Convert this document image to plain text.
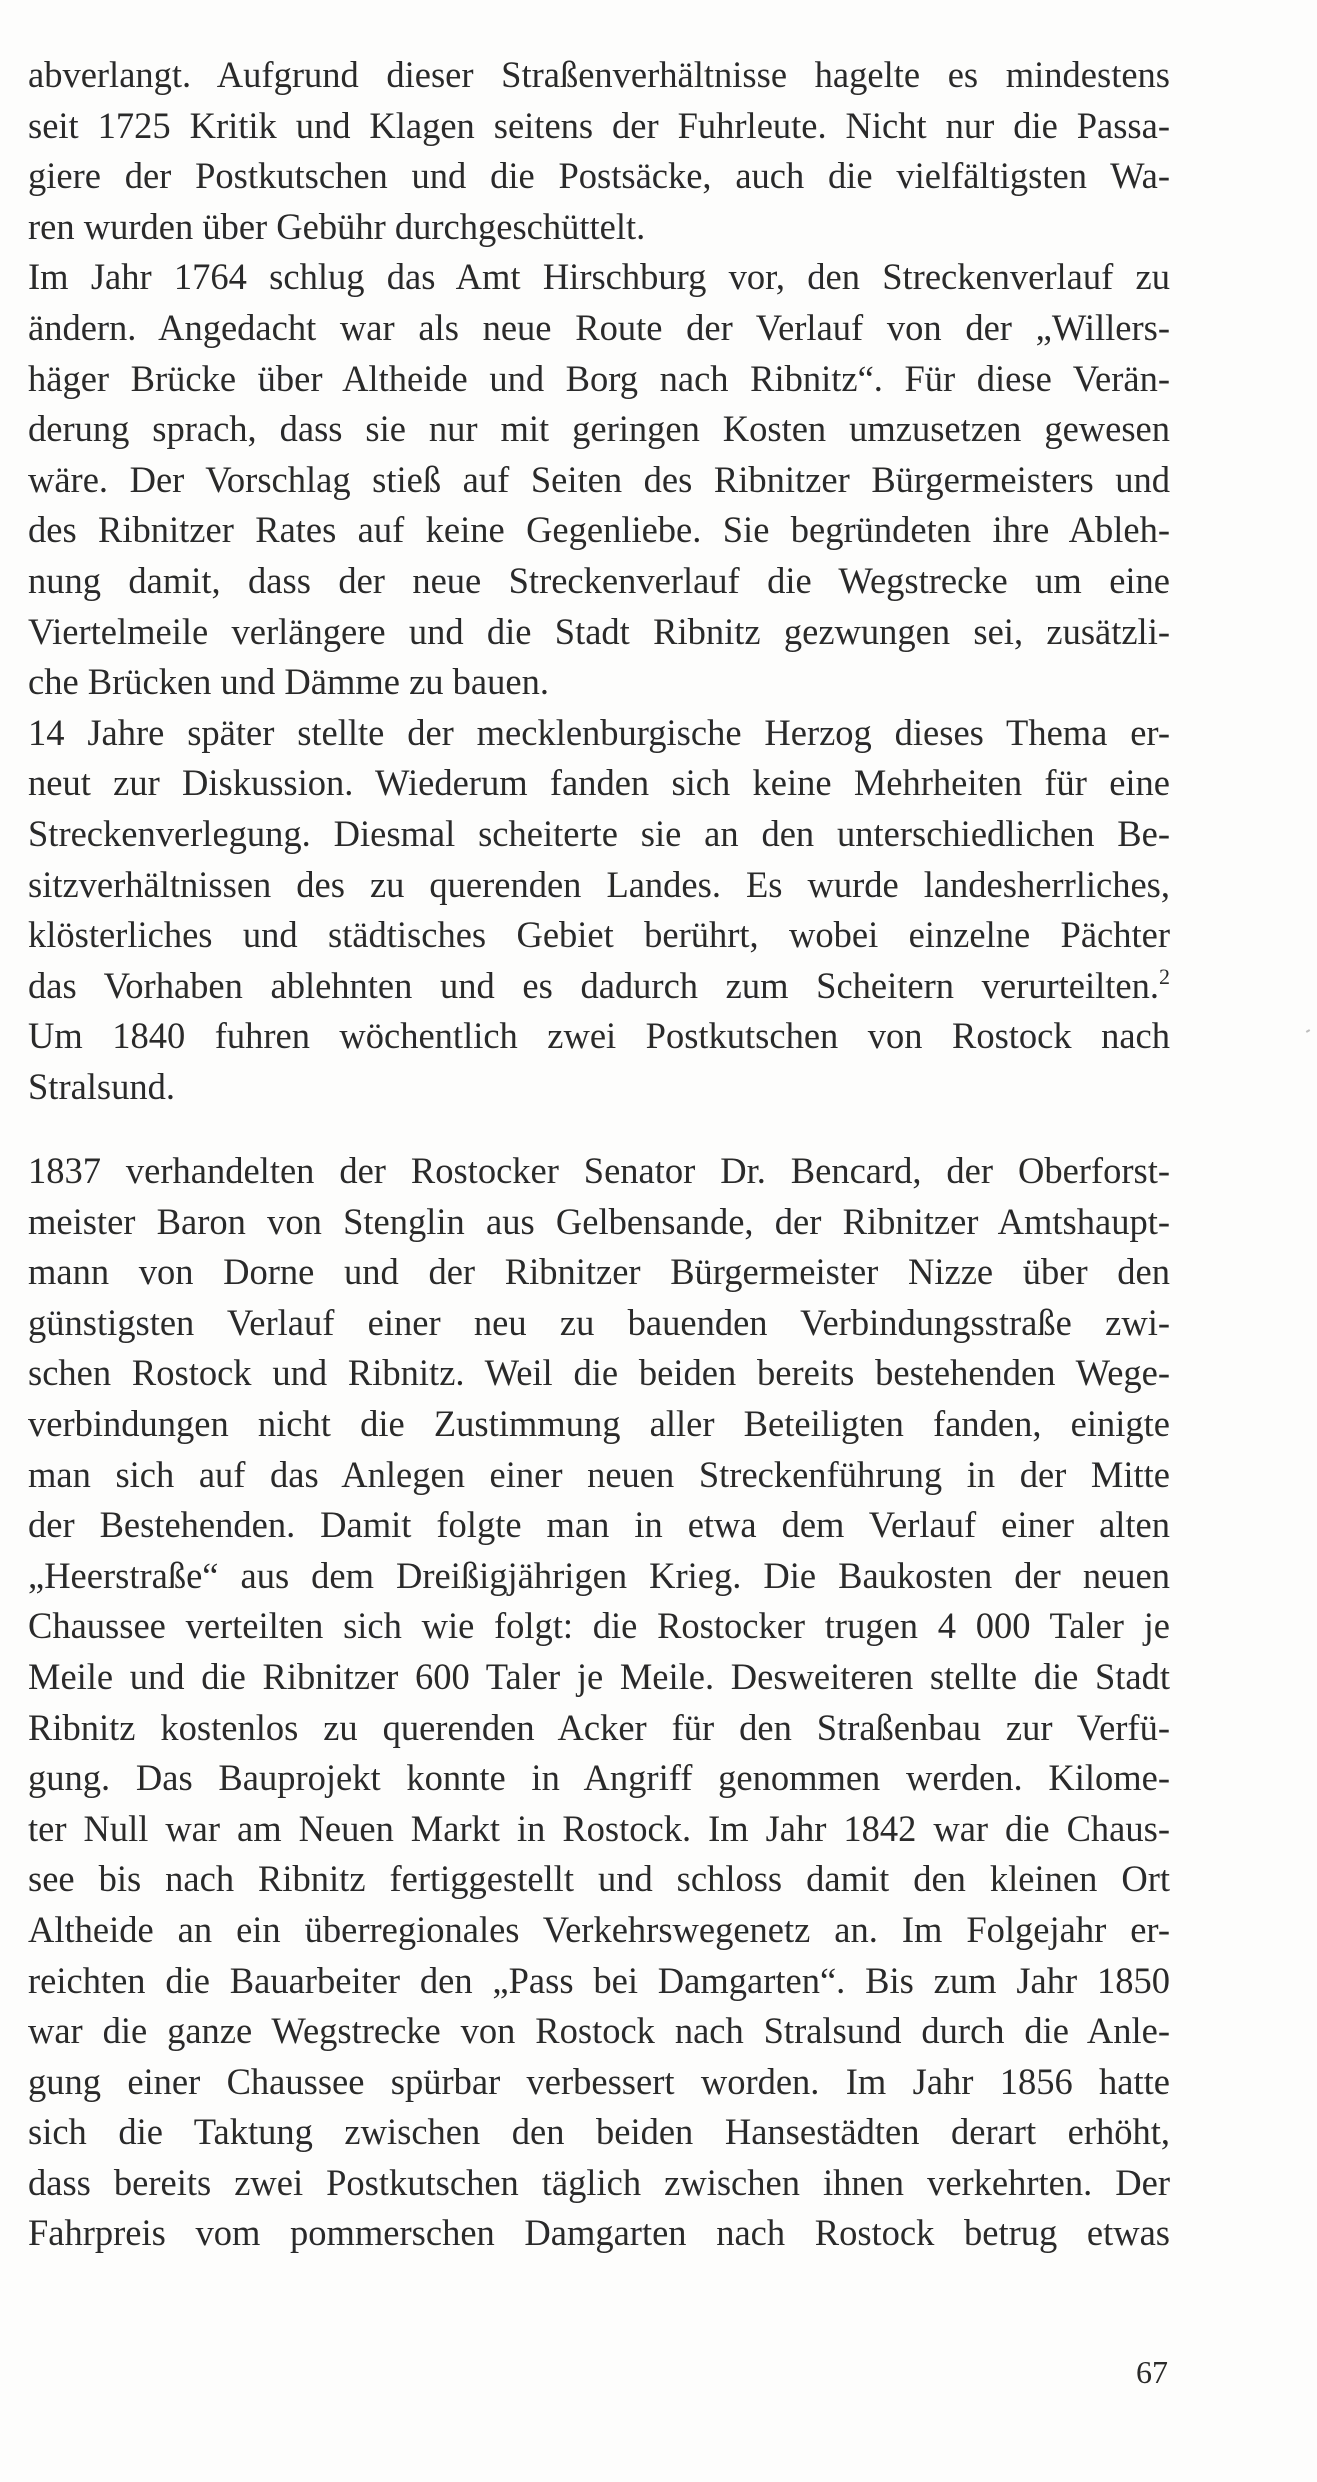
abverlangt. Aufgrund dieser Straßenverhältnisse hagelte es mindestens
seit 1725 Kritik und Klagen seitens der Fuhrleute. Nicht nur die Passa-
giere der Postkutschen und die Postsäcke, auch die vielfältigsten Wa-
ren wurden über Gebühr durchgeschüttelt.
Im Jahr 1764 schlug das Amt Hirschburg vor, den Streckenverlauf zu
ändern. Angedacht war als neue Route der Verlauf von der „Willers-
häger Brücke über Altheide und Borg nach Ribnitz“. Für diese Verän-
derung sprach, dass sie nur mit geringen Kosten umzusetzen gewesen
wäre. Der Vorschlag stieß auf Seiten des Ribnitzer Bürgermeisters und
des Ribnitzer Rates auf keine Gegenliebe. Sie begründeten ihre Ableh-
nung damit, dass der neue Streckenverlauf die Wegstrecke um eine
Viertelmeile verlängere und die Stadt Ribnitz gezwungen sei, zusätzli-
che Brücken und Dämme zu bauen.
14 Jahre später stellte der mecklenburgische Herzog dieses Thema er-
neut zur Diskussion. Wiederum fanden sich keine Mehrheiten für eine
Streckenverlegung. Diesmal scheiterte sie an den unterschiedlichen Be-
sitzverhältnissen des zu querenden Landes. Es wurde landesherrliches,
klösterliches und städtisches Gebiet berührt, wobei einzelne Pächter
das Vorhaben ablehnten und es dadurch zum Scheitern verurteilten.$^2$
Um 1840 fuhren wöchentlich zwei Postkutschen von Rostock nach
Stralsund.
1837 verhandelten der Rostocker Senator Dr. Bencard, der Oberforst-
meister Baron von Stenglin aus Gelbensande, der Ribnitzer Amtshaupt-
mann von Dorne und der Ribnitzer Bürgermeister Nizze über den
günstigsten Verlauf einer neu zu bauenden Verbindungsstraße zwi-
schen Rostock und Ribnitz. Weil die beiden bereits bestehenden Wege-
verbindungen nicht die Zustimmung aller Beteiligten fanden, einigte
man sich auf das Anlegen einer neuen Streckenführung in der Mitte
der Bestehenden. Damit folgte man in etwa dem Verlauf einer alten
„Heerstraße“ aus dem Dreißigjährigen Krieg. Die Baukosten der neuen
Chaussee verteilten sich wie folgt: die Rostocker trugen 4 000 Taler je
Meile und die Ribnitzer 600 Taler je Meile. Desweiteren stellte die Stadt
Ribnitz kostenlos zu querenden Acker für den Straßenbau zur Verfü-
gung. Das Bauprojekt konnte in Angriff genommen werden. Kilome-
ter Null war am Neuen Markt in Rostock. Im Jahr 1842 war die Chaus-
see bis nach Ribnitz fertiggestellt und schloss damit den kleinen Ort
Altheide an ein überregionales Verkehrswegenetz an. Im Folgejahr er-
reichten die Bauarbeiter den „Pass bei Damgarten“. Bis zum Jahr 1850
war die ganze Wegstrecke von Rostock nach Stralsund durch die Anle-
gung einer Chaussee spürbar verbessert worden. Im Jahr 1856 hatte
sich die Taktung zwischen den beiden Hansestädten derart erhöht,
dass bereits zwei Postkutschen täglich zwischen ihnen verkehrten. Der
Fahrpreis vom pommerschen Damgarten nach Rostock betrug etwas
67
